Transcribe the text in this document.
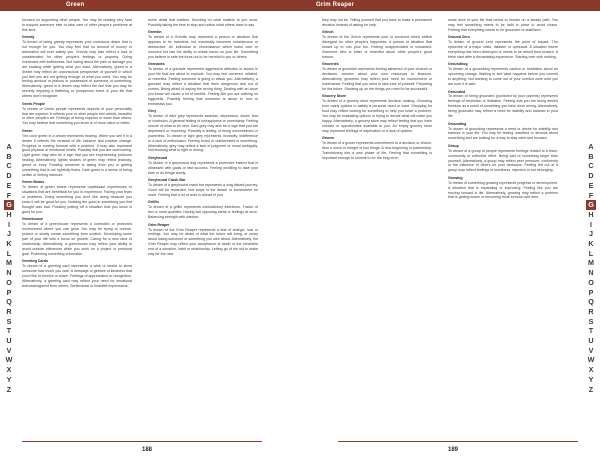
Green
A
B
C
D
E
F
G
H
I
J
K
L
M
N
O
P
Q
R
S
T
U
V
W
X
Y
Z
focused on supporting other people. You may be reading very hard to support someone else or take care of other people's problems at this time.
Greedy
To dream of being greedy represents your conscious desire that is not enough for you. You may feel that no amount of money or admiration will ever satisfy you. Greedy may also reflect a lack of consideration for other people's feelings or property. Going overboard with selfishness. Not caring about the pain or damage you are causing while getting what you want. Alternatively, greed in a dream may reflect an unconscious perspective of yourself in which you feel you are not getting enough of what you need. You may be feeling anxious or jealous or possessive of someone or something. Alternatively, greed in a dream may reflect the fact that you may be secretly enjoying a flattering or prosperous event in your life that others don't recognize.
Greek People
To dream of Greek people represents aspects of your personality that are superior. It reflects your or other people feel artistic, beautiful or other people's art. Feelings of being superior or wiser than others. You may believe that something you know is of more value or better.
Green
The color green in a dream represents healing. When you see it in a dream it reflects the renewal of life, balance and positive change. Progress or moving forward with a problem. It may also represent good physical or emotional health. Possibly that you are overcoming. Light green may also be a sign that you are experiencing profound healing. Alternatively, lighter shades of green may reflect jealousy, greed or envy. Possibly someone is taking from you or getting something that is not rightfully theirs. Dark green is a sense of being selfish or feeling insecure.
Green Beans
To dream of green beans represents unpleasant experiences or situations that are beneficial for you to experience. Facing your fears or problems. Doing something you don't like doing because you know it will be good for you. Noticing the good in something you first thought was bad. Possibly putting off a situation that you know is good for you.
Greenhouse
To dream of a greenhouse represents a controlled or protected environment where you can grow. You may be trying to nurture, protect or slowly create something from scratch. Developing some part of your life with a focus on growth. Caring for a new idea or relationship. Alternatively, a greenhouse may reflect your ability to avoid outside influences while you work on a project or personal goal. Protecting something vulnerable.
Greeting Cards
To dream of a greeting card represents a wish or desire to show someone how much you care. A message or gesture of kindness that you'd like to receive or share. Feelings of appreciation or recognition. Alternatively, a greeting card may reflect your need for emotional acknowledgment from others. Sentimental or heartfelt expressions.
some detail that matters. Deciding on what matters to you most. Possibly taking the time to stop and notice what others have to say.
Gremlin
To dream of a Gremlin may represent a person or situation that appears to be harmless, but eventually becomes mischievous or destructive. An individual or circumstance which looks cute or innocent but has the ability to wreak havoc on your life. Something you believe is safe but turns out to be harmful to you or others.
Grenades
To dream of a grenade represents aggressive attitudes or issues in your life that are about to explode. You may feel cornered, irritated, or resentful. Feeling someone is going to attack you. Alternatively, a grenade may reflect a situation that feels dangerous and out of control. Being afraid of saying the wrong thing. Dealing with an issue you know will cause a lot of conflict. Feeling like you are walking on eggshells. Possibly feeling that someone is about to hurt or embarrass you.
Grey
To dream of dark grey represents sadness, depression, doubt, fear or confusion. A general feeling of unhappiness or uncertainty. Feeling unsure of what to do next. Dark grey may also be a sign that you are depressed or mourning. Possibly a feeling of being overwhelmed or powerless. To dream of light grey represents neutrality, indifference or a lack of enthusiasm. Feeling bored or uninterested in something. Alternatively, grey may reflect a lack of judgment or moral ambiguity. Not knowing what is right or wrong.
Greyhound
To dream of a greyhound dog represents a protective instinct that is obsessed with goals or fast success. Feeling unwilling to take your time or do things slowly.
Greyhound Crash Bar
To dream of a greyhound crash bar represents a long distant journey. Good will be rewarded, bus stops in the dream or somewhere en route. Feeling that a lot of work is ahead of you.
Griffin
To dream of a griffin represents contradictory intentions. Fusion of two or more qualities. Having two opposing ideas or feelings at once. Balancing strength with wisdom.
Grim Reaper
To dream of the Grim Reaper represents a fear of change, loss or endings. You may be afraid of what the future will bring, or worry about losing someone or something you care about. Alternatively, the Grim Reaper may reflect your acceptance of death or the inevitable end of a situation, habit or relationship. Letting go of the old to make way for the new.
188
Grim Reaper
A
B
C
D
E
F
G
H
I
J
K
L
M
N
O
P
Q
R
S
T
U
V
W
X
Y
Z
they may not be. Telling yourself that you have to make a permanent decision instead of asking for help.
Grinch
To dream of the Grinch represents your or someone else's selfish disregard for other people's happiness. A person or situation that shows up to ruin your fun. Feeling unappreciated or unwanted. Someone who is bitter or resentful about other people's good fortune.
Groceries
To dream of groceries represents feeling ashamed of your choices or decisions, concern about your own resources or finances. Alternatively, groceries may reflect your need for nourishment or sustenance. Feeling that you need to take care of yourself. Preparing for the future. Stocking up on the things you need to be successful.
Grocery Store
To dream of a grocery store represents decision making. Choosing from many options to satisfy a personal need or want. Shopping for food may reflect looking for something to help you solve a problem. You may be evaluating options or trying to decide what will make you happy. Alternatively, a grocery store may reflect feeling that you have choices or opportunities available to you. An empty grocery store may represent feelings of deprivation or a lack of options.
Groom
To dream of a groom represents commitment to a decision or choice. Also a union or merger of two things. A new beginning or partnership. Transitioning into a new phase of life. Feeling that something is important enough to commit to for the long term.
some area of your life that needs to remain on a steady path. You may feel something needs to be held in place to avoid chaos. Feeling that everything needs to be grounded or stabilized.
Ground Zero
To dream of ground zero represents the point of impact. The epicentre of a major crisis, disaster or upheaval. A situation where everything has been destroyed or needs to be rebuilt from scratch. A fresh start after a devastating experience. Starting over with nothing.
Groundhog
To dream of a groundhog represents caution or hesitation about an upcoming change. Waiting to see what happens before you commit to anything. Not wanting to come out of your comfort zone until you are sure it is safe.
Grounded
To dream of being grounded (punished by your parents) represents feelings of restriction or limitation. Feeling that you are being denied freedom as a result of something you have done wrong. Alternatively, being grounded may reflect a need for stability and balance in your life.
Grounding
To dream of grounding represents a need or desire for stability and balance in your life. You may be feeling unsettled or anxious about something and are looking for a way to stay calm and focused.
Group
To dream of a group of people represents feelings related to a team, community or collective effort. Being part of something larger than yourself. Alternatively, a group may reflect peer pressure, conformity or the influence of others on your decisions. Feeling left out of a group may reflect feelings of loneliness, rejection or not belonging.
Growing
To dream of something growing represents progress or development. A situation that is expanding or improving. Feeling like you are moving forward in life. Alternatively, growing may reflect a problem that is getting worse or becoming more serious over time.
189
